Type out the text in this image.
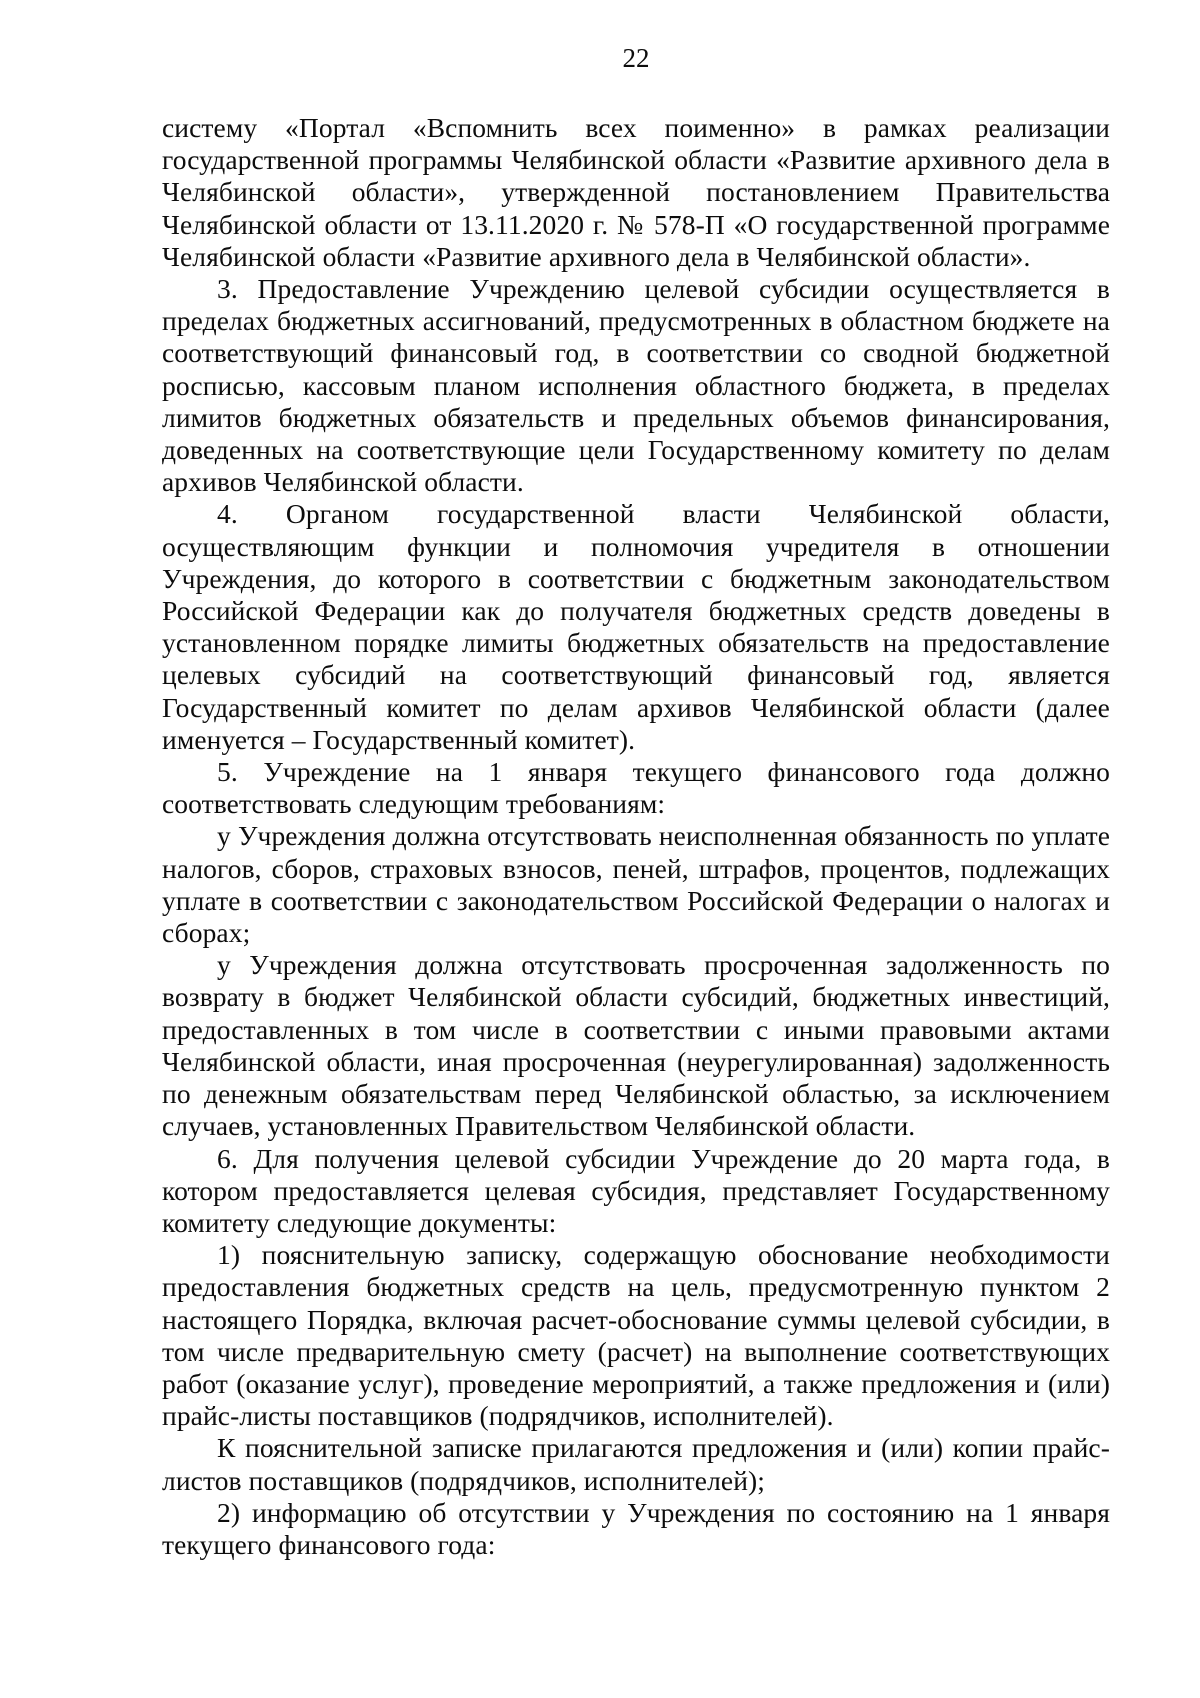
22

систему «Портал «Вспомнить всех поименно» в рамках реализации государственной программы Челябинской области «Развитие архивного дела в Челябинской области», утвержденной постановлением Правительства Челябинской области от 13.11.2020 г. № 578-П «О государственной программе Челябинской области «Развитие архивного дела в Челябинской области».

3. Предоставление Учреждению целевой субсидии осуществляется в пределах бюджетных ассигнований, предусмотренных в областном бюджете на соответствующий финансовый год, в соответствии со сводной бюджетной росписью, кассовым планом исполнения областного бюджета, в пределах лимитов бюджетных обязательств и предельных объемов финансирования, доведенных на соответствующие цели Государственному комитету по делам архивов Челябинской области.

4. Органом государственной власти Челябинской области, осуществляющим функции и полномочия учредителя в отношении Учреждения, до которого в соответствии с бюджетным законодательством Российской Федерации как до получателя бюджетных средств доведены в установленном порядке лимиты бюджетных обязательств на предоставление целевых субсидий на соответствующий финансовый год, является Государственный комитет по делам архивов Челябинской области (далее именуется – Государственный комитет).

5. Учреждение на 1 января текущего финансового года должно соответствовать следующим требованиям:

у Учреждения должна отсутствовать неисполненная обязанность по уплате налогов, сборов, страховых взносов, пеней, штрафов, процентов, подлежащих уплате в соответствии с законодательством Российской Федерации о налогах и сборах;

у Учреждения должна отсутствовать просроченная задолженность по возврату в бюджет Челябинской области субсидий, бюджетных инвестиций, предоставленных в том числе в соответствии с иными правовыми актами Челябинской области, иная просроченная (неурегулированная) задолженность по денежным обязательствам перед Челябинской областью, за исключением случаев, установленных Правительством Челябинской области.

6. Для получения целевой субсидии Учреждение до 20 марта года, в котором предоставляется целевая субсидия, представляет Государственному комитету следующие документы:

1) пояснительную записку, содержащую обоснование необходимости предоставления бюджетных средств на цель, предусмотренную пунктом 2 настоящего Порядка, включая расчет-обоснование суммы целевой субсидии, в том числе предварительную смету (расчет) на выполнение соответствующих работ (оказание услуг), проведение мероприятий, а также предложения и (или) прайс-листы поставщиков (подрядчиков, исполнителей).

К пояснительной записке прилагаются предложения и (или) копии прайс-листов поставщиков (подрядчиков, исполнителей);

2) информацию об отсутствии у Учреждения по состоянию на 1 января текущего финансового года:
